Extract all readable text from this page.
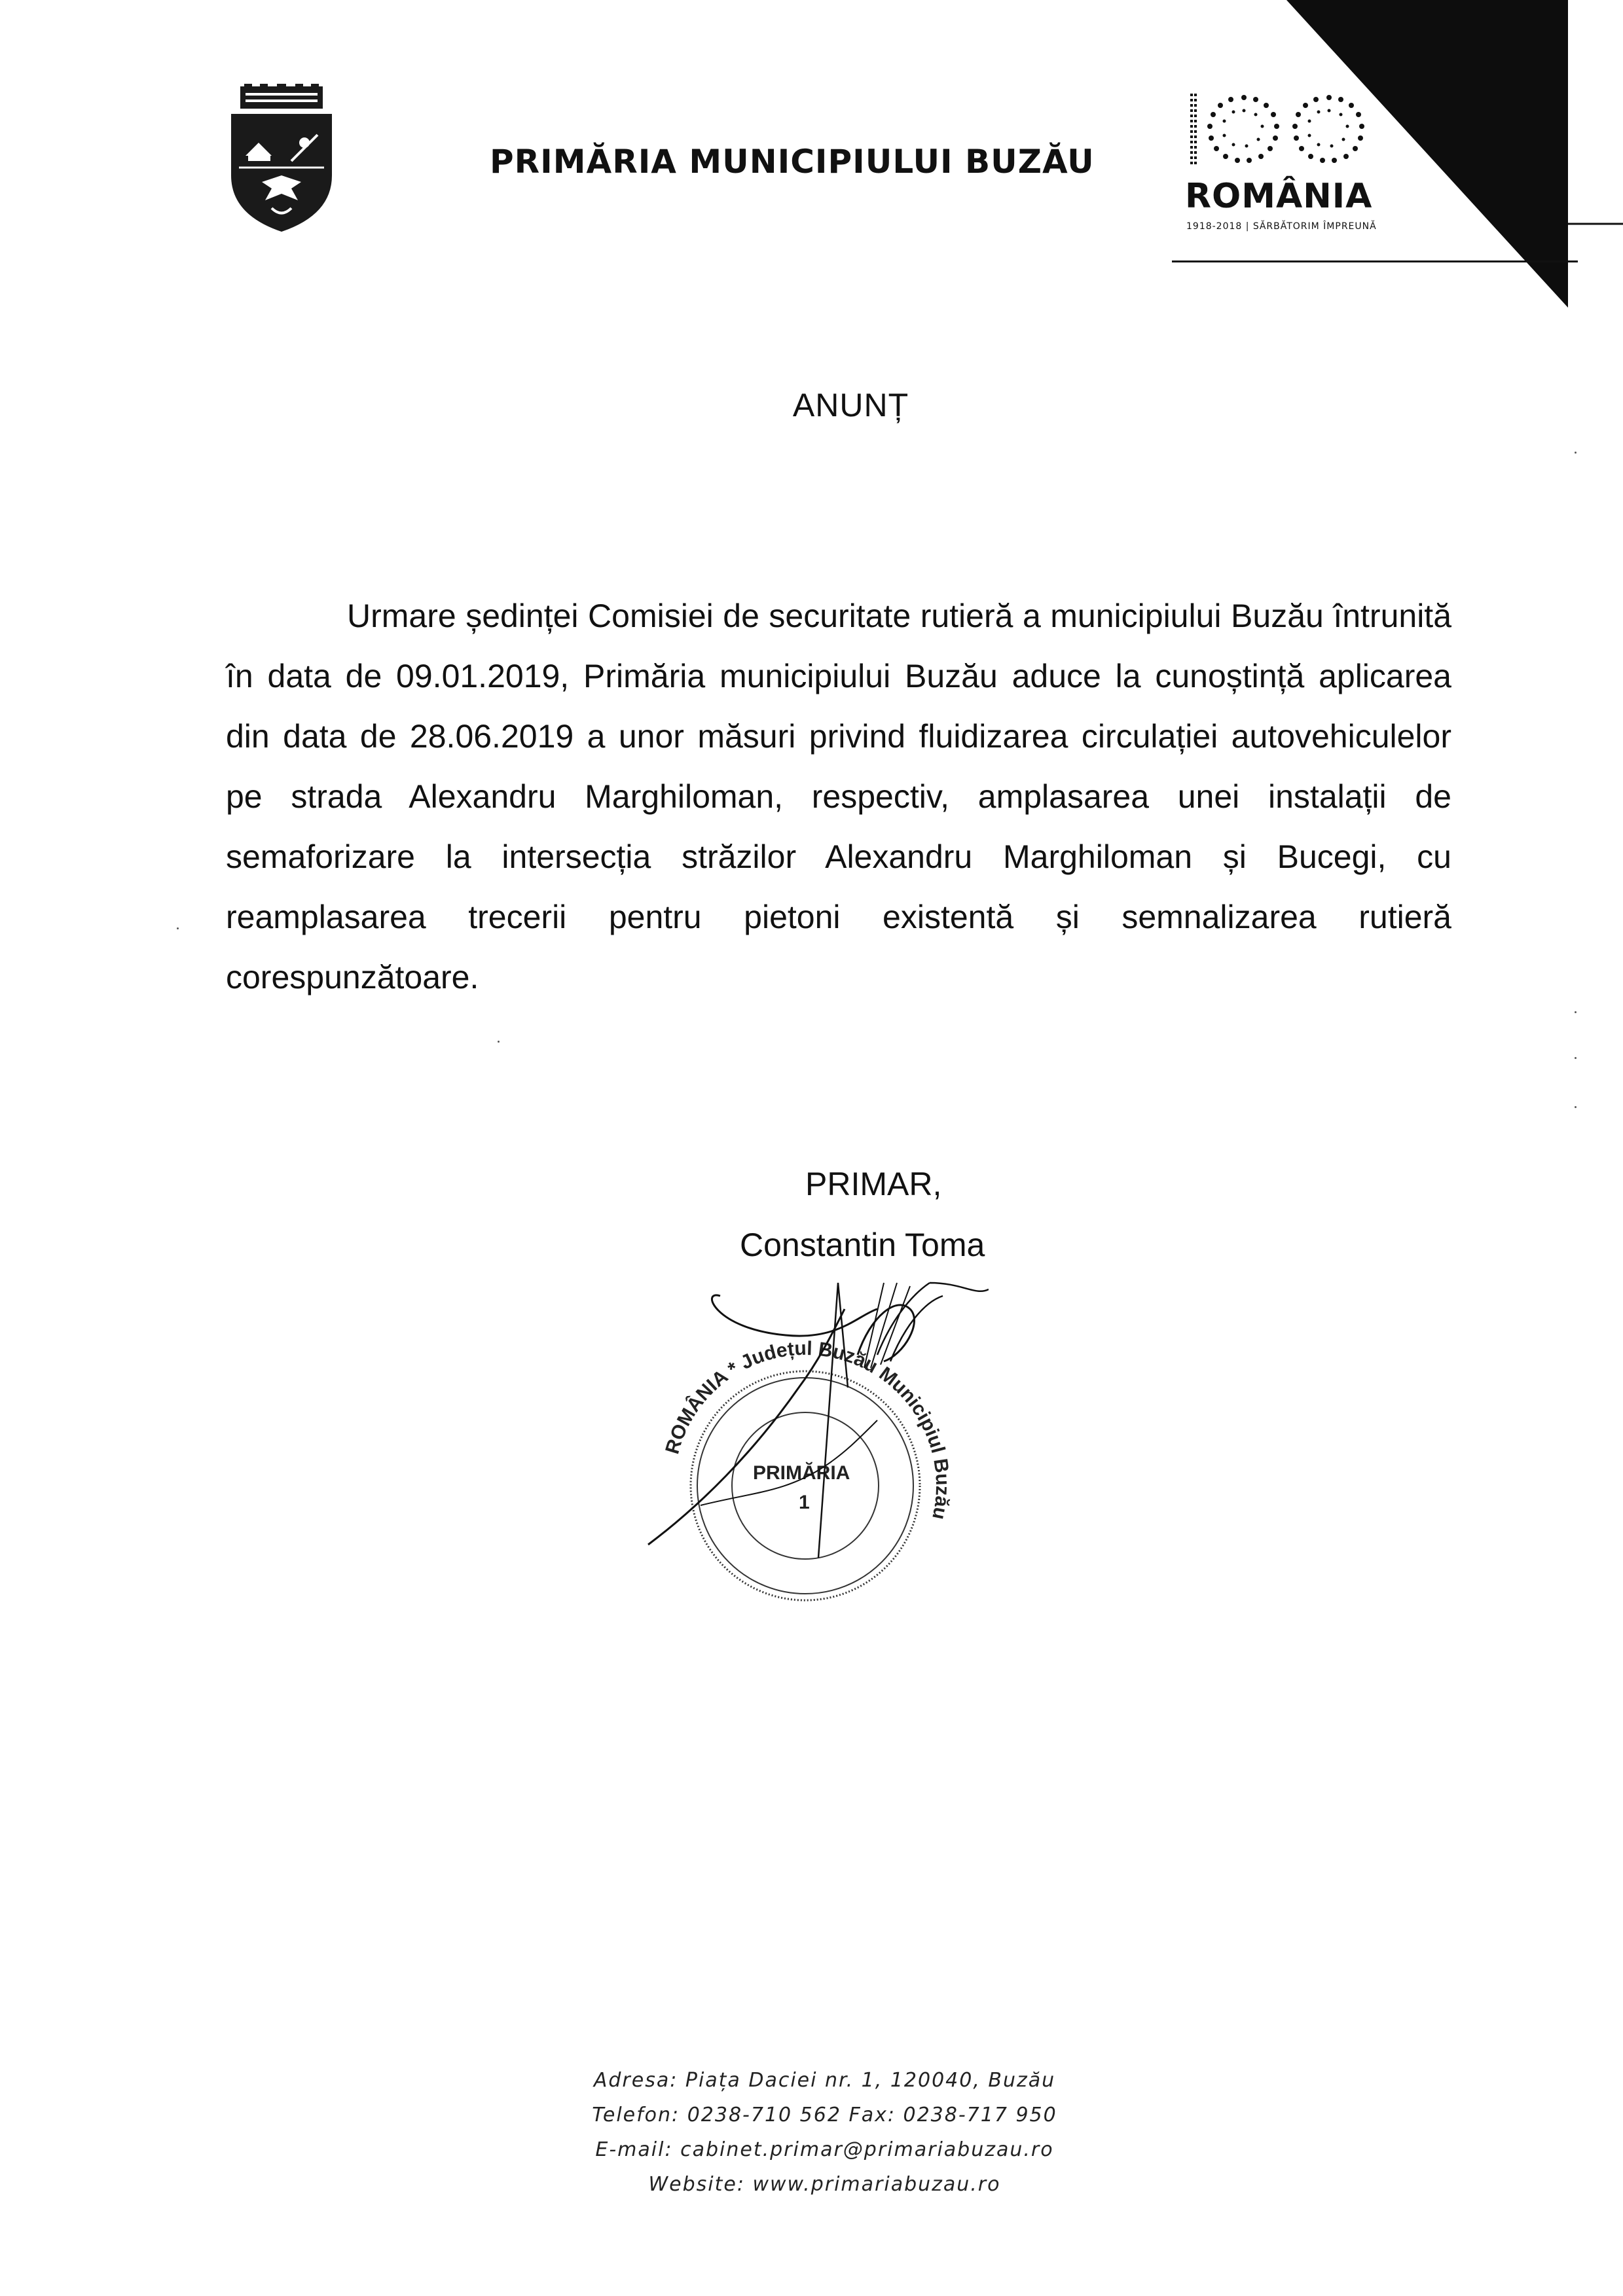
PRIMĂRIA MUNICIPIULUI BUZĂU
ROMÂNIA
1918-2018 | SĂRBĂTORIM ÎMPREUNĂ
ANUNȚ

Urmare ședinței Comisiei de securitate rutieră a municipiului Buzău întrunită în data de 09.01.2019, Primăria municipiului Buzău aduce la cunoștință aplicarea din data de 28.06.2019 a unor măsuri privind fluidizarea circulației autovehiculelor pe strada Alexandru Marghiloman, respectiv, amplasarea unei instalații de semaforizare la intersecția străzilor Alexandru Marghiloman și Bucegi, cu reamplasarea trecerii pentru pietoni existentă și semnalizarea rutieră corespunzătoare.

PRIMAR,
Constantin Toma
ROMÂNIA * Județul Buzău Municipiul Buzău
PRIMĂRIA
1
Adresa: Piața Daciei nr. 1, 120040, Buzău
Telefon: 0238-710 562 Fax: 0238-717 950
E-mail: cabinet.primar@primariabuzau.ro
Website: www.primariabuzau.ro
